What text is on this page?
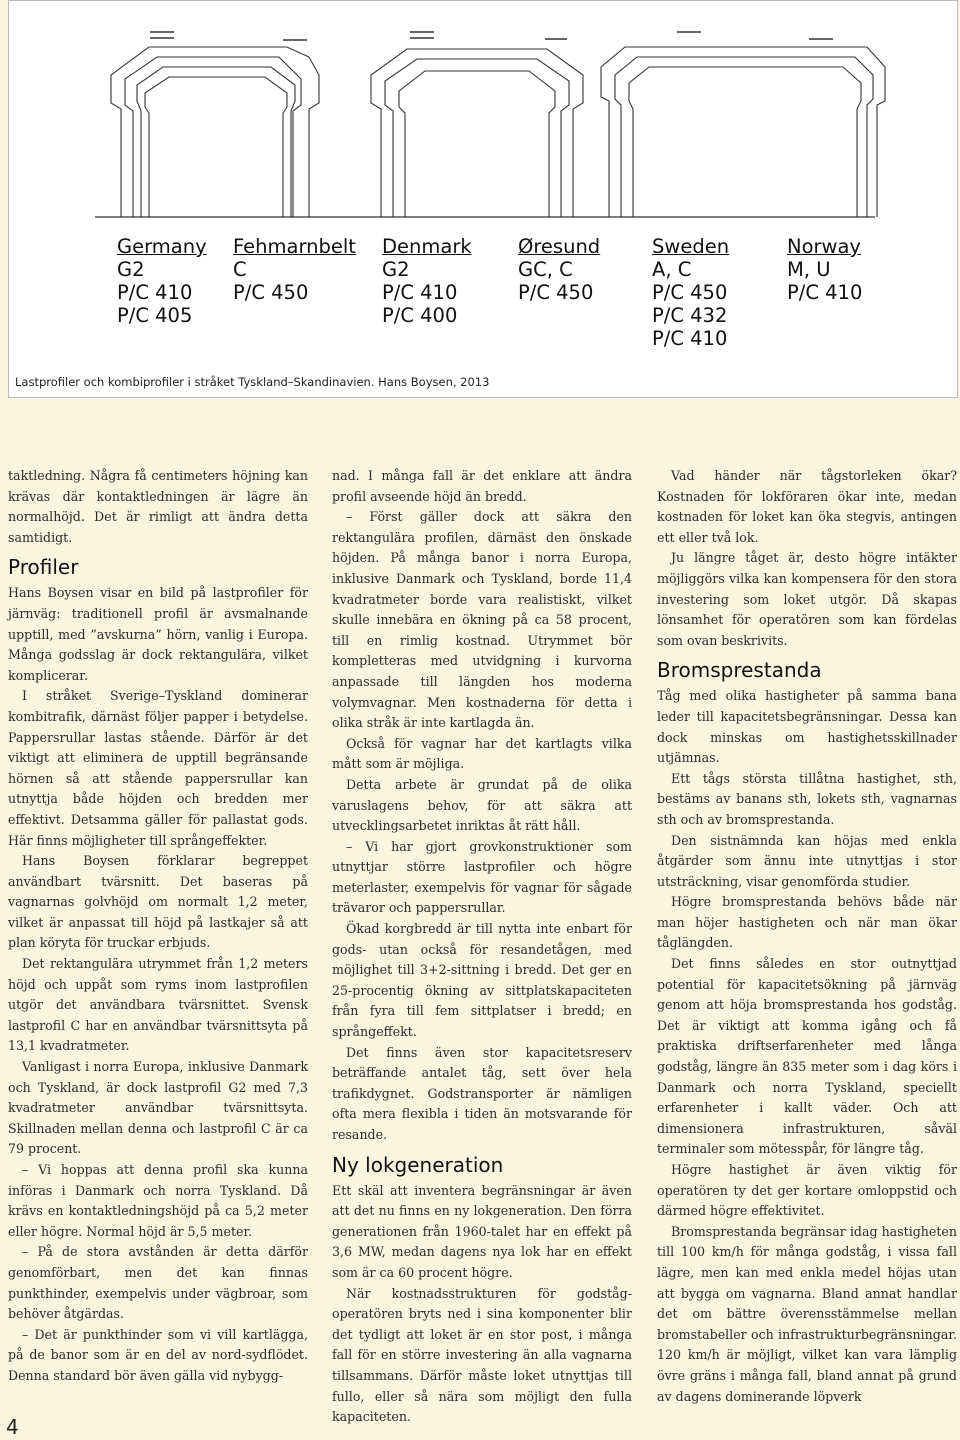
Germany
G2
P/C 410
P/C 405
Fehmarnbelt
C
P/C 450
Denmark
G2
P/C 410
P/C 400
Øresund
GC, C
P/C 450
Sweden
A, C
P/C 450
P/C 432
P/C 410
Norway
M, U
P/C 410
Lastprofiler och kombiprofiler i stråket Tyskland–Skandinavien. Hans Boysen, 2013

taktledning. Några få centimeters höjning kan krävas där kontaktledningen är lägre än normalhöjd. Det är rimligt att ändra detta samtidigt.

Profiler

Hans Boysen visar en bild på lastprofiler för järnväg: traditionell profil är avsmalnande upptill, med ”avskurna” hörn, vanlig i Europa. Många godsslag är dock rektangulära, vilket komplicerar.

I stråket Sverige–Tyskland dominerar kombitrafik, därnäst följer papper i betydelse. Pappersrullar lastas stående. Därför är det viktigt att eliminera de upptill begränsande hörnen så att stående pappersrullar kan utnyttja både höjden och bredden mer effektivt. Detsamma gäller för pallastat gods. Här finns möjligheter till språngeffekter.

Hans Boysen förklarar begreppet användbart tvärsnitt. Det baseras på vagnarnas golvhöjd om normalt 1,2 meter, vilket är anpassat till höjd på lastkajer så att plan köryta för truckar erbjuds.

Det rektangulära utrymmet från 1,2 meters höjd och uppåt som ryms inom lastprofilen utgör det användbara tvärsnittet. Svensk lastprofil C har en användbar tvärsnittsyta på 13,1 kvadratmeter.

Vanligast i norra Europa, inklusive Danmark och Tyskland, är dock lastprofil G2 med 7,3 kvadratmeter användbar tvärsnittsyta. Skillnaden mellan denna och lastprofil C är ca 79 procent.

– Vi hoppas att denna profil ska kunna införas i Danmark och norra Tyskland. Då krävs en kontaktledningshöjd på ca 5,2 meter eller högre. Normal höjd är 5,5 meter.

– På de stora avstånden är detta därför genomförbart, men det kan finnas punkthinder, exempelvis under vägbroar, som behöver åtgärdas.

– Det är punkthinder som vi vill kartlägga, på de banor som är en del av nord-sydflödet. Denna standard bör även gälla vid nybygg-

nad. I många fall är det enklare att ändra profil avseende höjd än bredd.

– Först gäller dock att säkra den rektangulära profilen, därnäst den önskade höjden. På många banor i norra Europa, inklusive Danmark och Tyskland, borde 11,4 kvadratmeter borde vara realistiskt, vilket skulle innebära en ökning på ca 58 procent, till en rimlig kostnad. Utrymmet bör kompletteras med utvidgning i kurvorna anpassade till längden hos moderna volymvagnar. Men kostnaderna för detta i olika stråk är inte kartlagda än.

Också för vagnar har det kartlagts vilka mått som är möjliga.

Detta arbete är grundat på de olika varuslagens behov, för att säkra att utvecklingsarbetet inriktas åt rätt håll.

– Vi har gjort grovkonstruktioner som utnyttjar större lastprofiler och högre meterlaster, exempelvis för vagnar för sågade trävaror och pappersrullar.

Ökad korgbredd är till nytta inte enbart för gods- utan också för resandetågen, med möjlighet till 3+2-sittning i bredd. Det ger en 25-procentig ökning av sittplatskapaciteten från fyra till fem sittplatser i bredd; en språngeffekt.

Det finns även stor kapacitetsreserv beträffande antalet tåg, sett över hela trafikdygnet. Godstransporter är nämligen ofta mera flexibla i tiden än motsvarande för resande.

Ny lokgeneration

Ett skäl att inventera begränsningar är även att det nu finns en ny lokgeneration. Den förra generationen från 1960-talet har en effekt på 3,6 MW, medan dagens nya lok har en effekt som är ca 60 procent högre.

När kostnadsstrukturen för godstågoperatören bryts ned i sina komponenter blir det tydligt att loket är en stor post, i många fall för en större investering än alla vagnarna tillsammans. Därför måste loket utnyttjas till fullo, eller så nära som möjligt den fulla kapaciteten.

Vad händer när tågstorleken ökar? Kostnaden för lokföraren ökar inte, medan kostnaden för loket kan öka stegvis, antingen ett eller två lok.

Ju längre tåget är, desto högre intäkter möjliggörs vilka kan kompensera för den stora investering som loket utgör. Då skapas lönsamhet för operatören som kan fördelas som ovan beskrivits.

Bromsprestanda

Tåg med olika hastigheter på samma bana leder till kapacitetsbegränsningar. Dessa kan dock minskas om hastighetsskillnader utjämnas.

Ett tågs största tillåtna hastighet, sth, bestäms av banans sth, lokets sth, vagnarnas sth och av bromsprestanda.

Den sistnämnda kan höjas med enkla åtgärder som ännu inte utnyttjas i stor utsträckning, visar genomförda studier.

Högre bromsprestanda behövs både när man höjer hastigheten och när man ökar tåglängden.

Det finns således en stor outnyttjad potential för kapacitetsökning på järnväg genom att höja bromsprestanda hos godståg. Det är viktigt att komma igång och få praktiska driftserfarenheter med långa godståg, längre än 835 meter som i dag körs i Danmark och norra Tyskland, speciellt erfarenheter i kallt väder. Och att dimensionera infrastrukturen, såväl terminaler som mötesspår, för längre tåg.

Högre hastighet är även viktig för operatören ty det ger kortare omloppstid och därmed högre effektivitet.

Bromsprestanda begränsar idag hastigheten till 100 km/h för många godståg, i vissa fall lägre, men kan med enkla medel höjas utan att bygga om vagnarna. Bland annat handlar det om bättre överensstämmelse mellan bromstabeller och infrastrukturbegränsningar. 120 km/h är möjligt, vilket kan vara lämplig övre gräns i många fall, bland annat på grund av dagens dominerande löpverk

4
